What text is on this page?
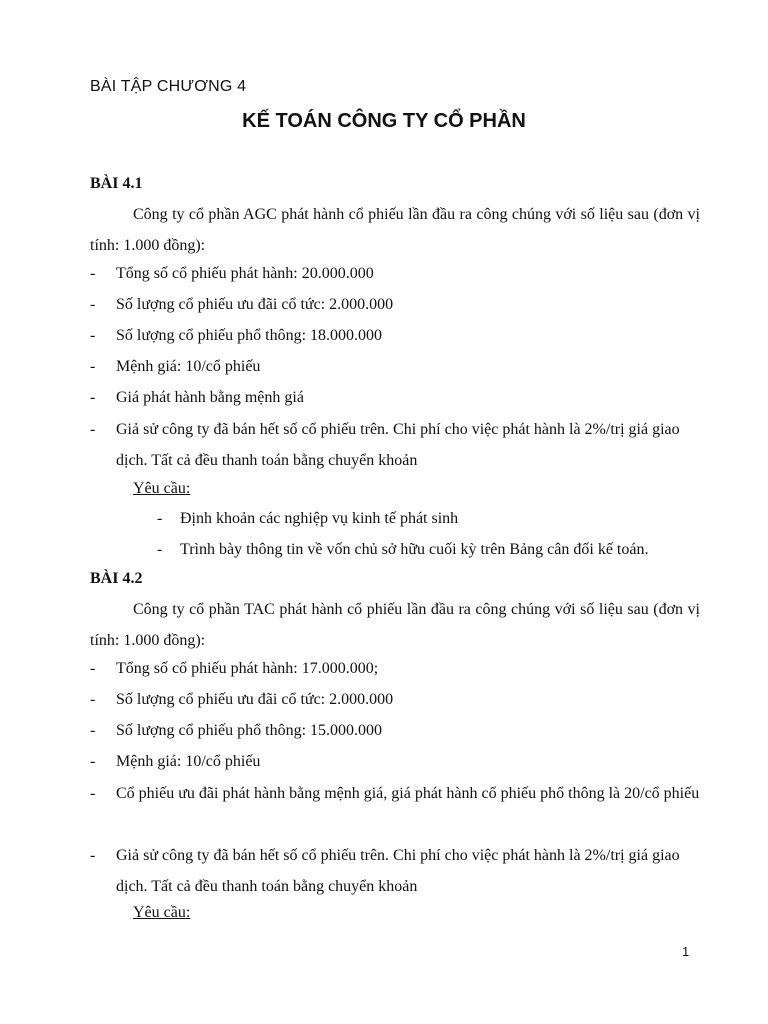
BÀI TẬP CHƯƠNG 4
KẾ TOÁN CÔNG TY CỔ PHẦN
BÀI 4.1
Công ty cổ phần AGC phát hành cổ phiếu lần đầu ra công chúng với số liệu sau (đơn vị tính: 1.000 đồng):
- Tổng số cổ phiếu phát hành: 20.000.000
- Số lượng cổ phiếu ưu đãi cổ tức: 2.000.000
- Số lượng cổ phiếu phổ thông: 18.000.000
- Mệnh giá: 10/cổ phiếu
- Giá phát hành bằng mệnh giá
- Giả sử công ty đã bán hết số cổ phiếu trên. Chi phí cho việc phát hành là 2%/trị giá giao dịch. Tất cả đều thanh toán bằng chuyển khoản
Yêu cầu:
- Định khoản các nghiệp vụ kinh tế phát sinh
- Trình bày thông tin về vốn chủ sở hữu cuối kỳ trên Bảng cân đối kế toán.
BÀI 4.2
Công ty cổ phần TAC phát hành cổ phiếu lần đầu ra công chúng với số liệu sau (đơn vị tính: 1.000 đồng):
- Tổng số cổ phiếu phát hành: 17.000.000;
- Số lượng cổ phiếu ưu đãi cổ tức: 2.000.000
- Số lượng cổ phiếu phổ thông: 15.000.000
- Mệnh giá: 10/cổ phiếu
- Cổ phiếu ưu đãi phát hành bằng mệnh giá, giá phát hành cổ phiếu phổ thông là 20/cổ phiếu
- Giả sử công ty đã bán hết số cổ phiếu trên. Chi phí cho việc phát hành là 2%/trị giá giao dịch. Tất cả đều thanh toán bằng chuyển khoản
Yêu cầu:
1
